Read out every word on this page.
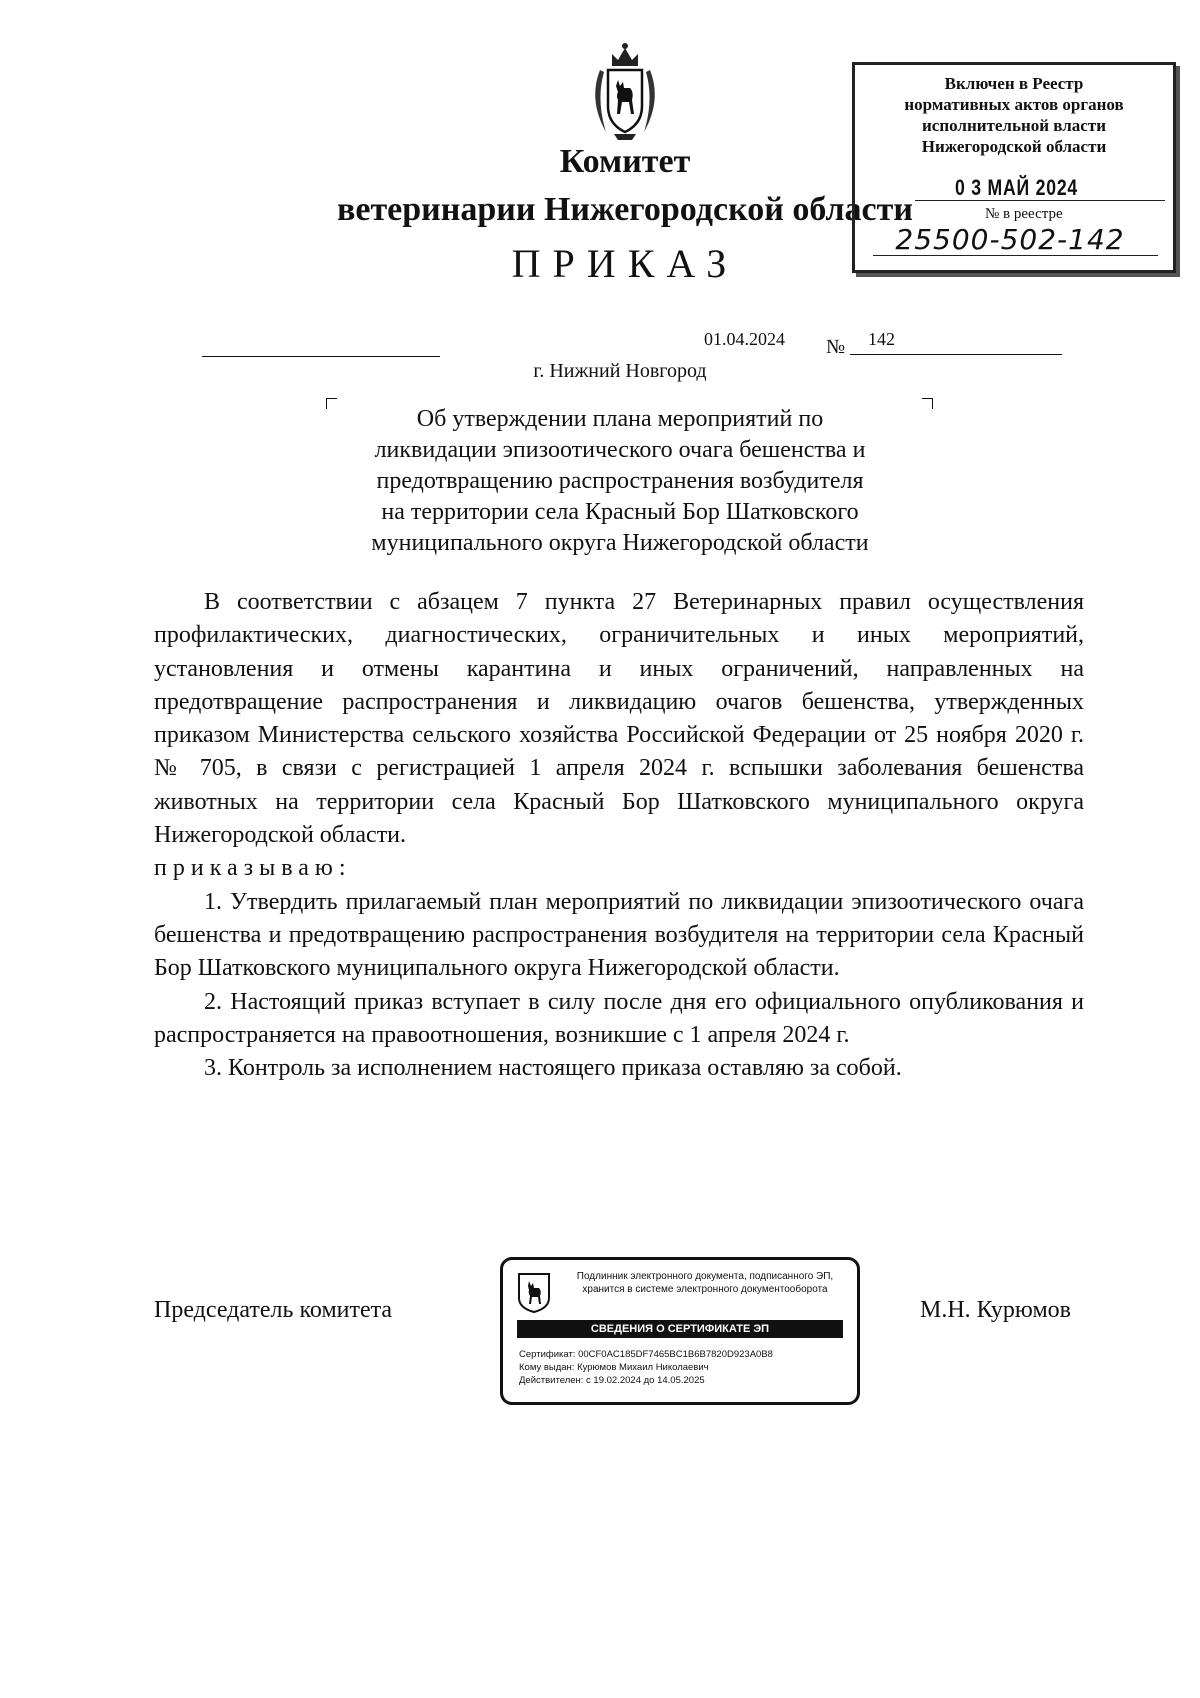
Комитет
ветеринарии Нижегородской области
ПРИКАЗ
Включен в Реестр
нормативных актов органов
исполнительной власти
Нижегородской области
0 3 МАЙ 2024
№ в реестре
25500-502-142
01.04.2024 № 142
г. Нижний Новгород
Об утверждении плана мероприятий по
ликвидации эпизоотического очага бешенства и
предотвращению распространения возбудителя
на территории села Красный Бор Шатковского
муниципального округа Нижегородской области

В соответствии с абзацем 7 пункта 27 Ветеринарных правил осуществления профилактических, диагностических, ограничительных и иных мероприятий, установления и отмены карантина и иных ограничений, направленных на предотвращение распространения и ликвидацию очагов бешенства, утвержденных приказом Министерства сельского хозяйства Российской Федерации от 25 ноября 2020 г. № 705, в связи с регистрацией 1 апреля 2024 г. вспышки заболевания бешенства животных на территории села Красный Бор Шатковского муниципального округа Нижегородской области.

приказываю:

1. Утвердить прилагаемый план мероприятий по ликвидации эпизоотического очага бешенства и предотвращению распространения возбудителя на территории села Красный Бор Шатковского муниципального округа Нижегородской области.

2. Настоящий приказ вступает в силу после дня его официального опубликования и распространяется на правоотношения, возникшие с 1 апреля 2024 г.

3. Контроль за исполнением настоящего приказа оставляю за собой.

Председатель комитета	М.Н. Курюмов
Подлинник электронного документа, подписанного ЭП,
хранится в системе электронного документооборота
СВЕДЕНИЯ О СЕРТИФИКАТЕ ЭП
Сертификат: 00CF0AC185DF7465BC1B6B7820D923A0B8
Кому выдан: Курюмов Михаил Николаевич
Действителен: с 19.02.2024 до 14.05.2025
